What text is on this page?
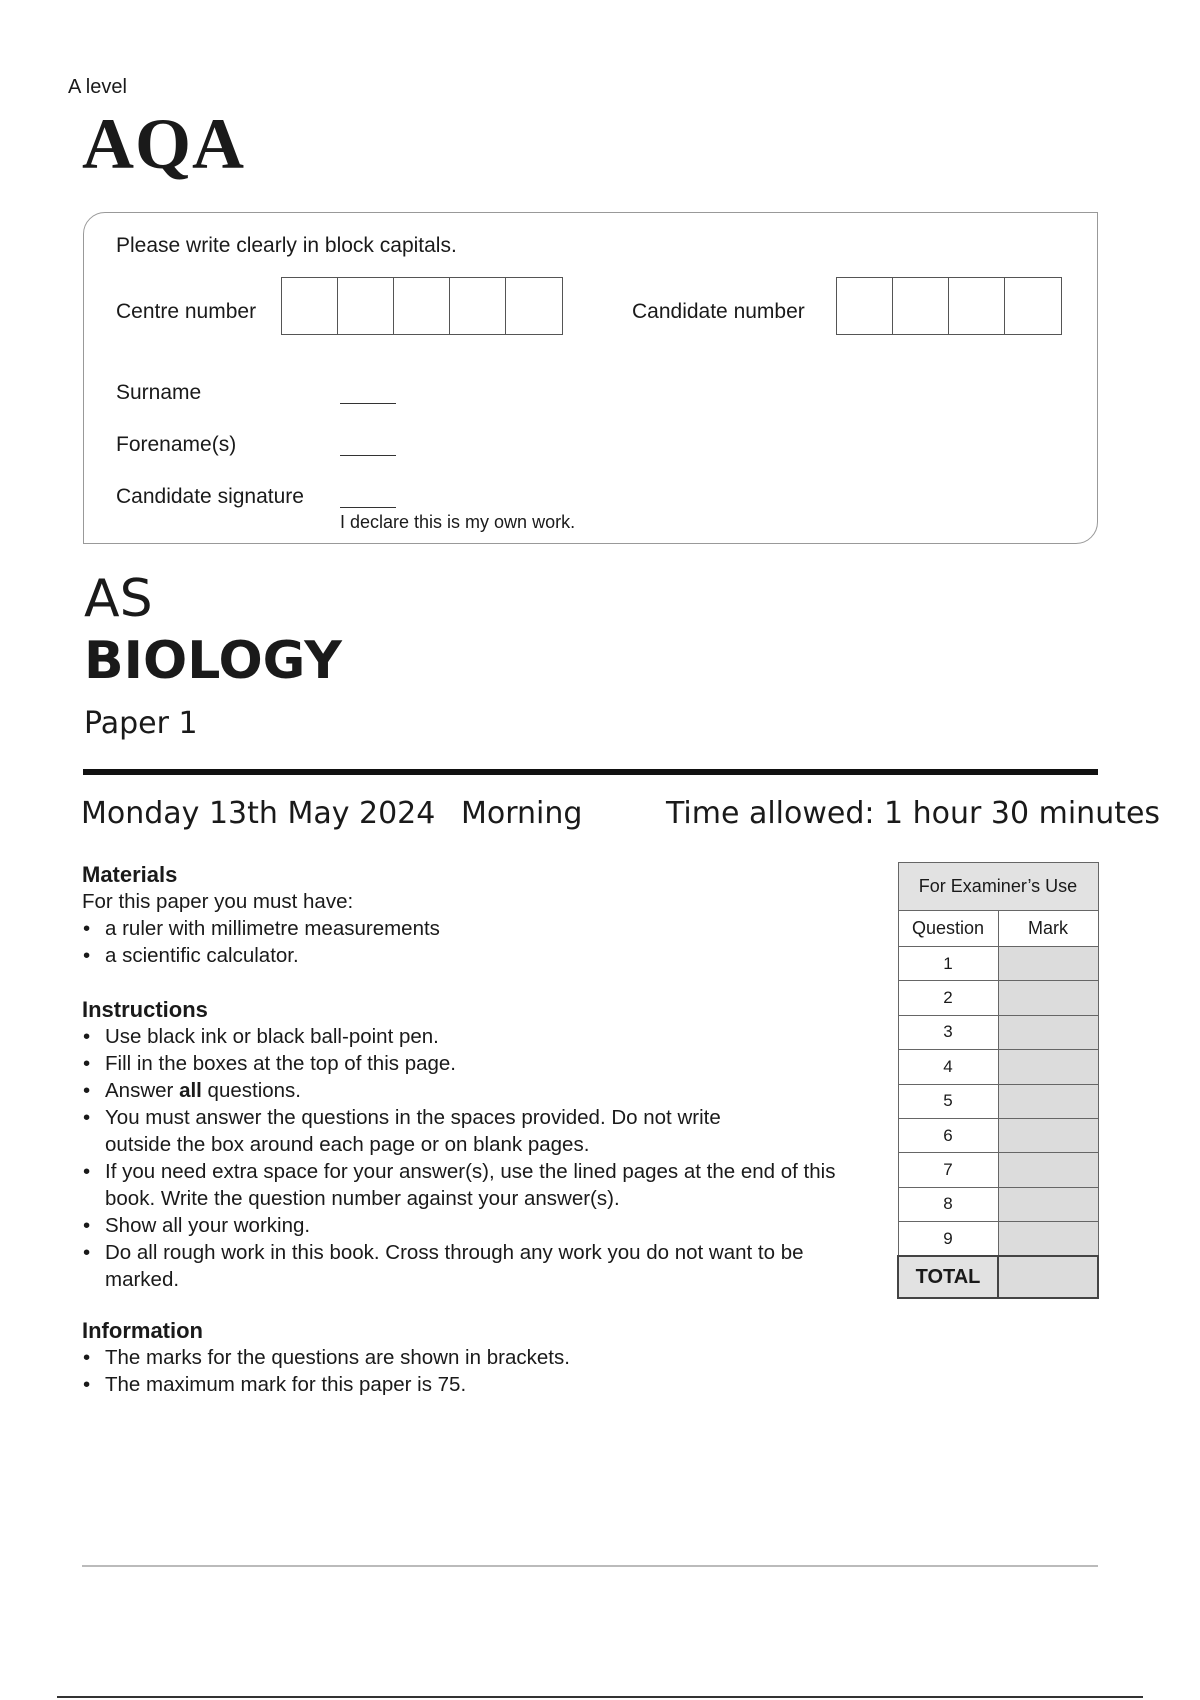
A level
AQA
Please write clearly in block capitals.
Centre number	Candidate number
Surname
Forename(s)
Candidate signature
I declare this is my own work.
AS
BIOLOGY
Paper 1
Monday 13th May 2024 Morning	Time allowed: 1 hour 30 minutes
Materials

For this paper you must have:

• a ruler with millimetre measurements
• a scientific calculator.
Instructions
• Use black ink or black ball-point pen.
• Fill in the boxes at the top of this page.
• Answer all questions.
• You must answer the questions in the spaces provided. Do not write outside the box around each page or on blank pages.
• If you need extra space for your answer(s), use the lined pages at the end of this book. Write the question number against your answer(s).
• Show all your working.
• Do all rough work in this book. Cross through any work you do not want to be marked.
Information
• The marks for the questions are shown in brackets.
• The maximum mark for this paper is 75.
For Examiner’s Use	
Question	Mark
1	
2	
3	
4	
5	
6	
7	
8	
9	
TOTAL	
